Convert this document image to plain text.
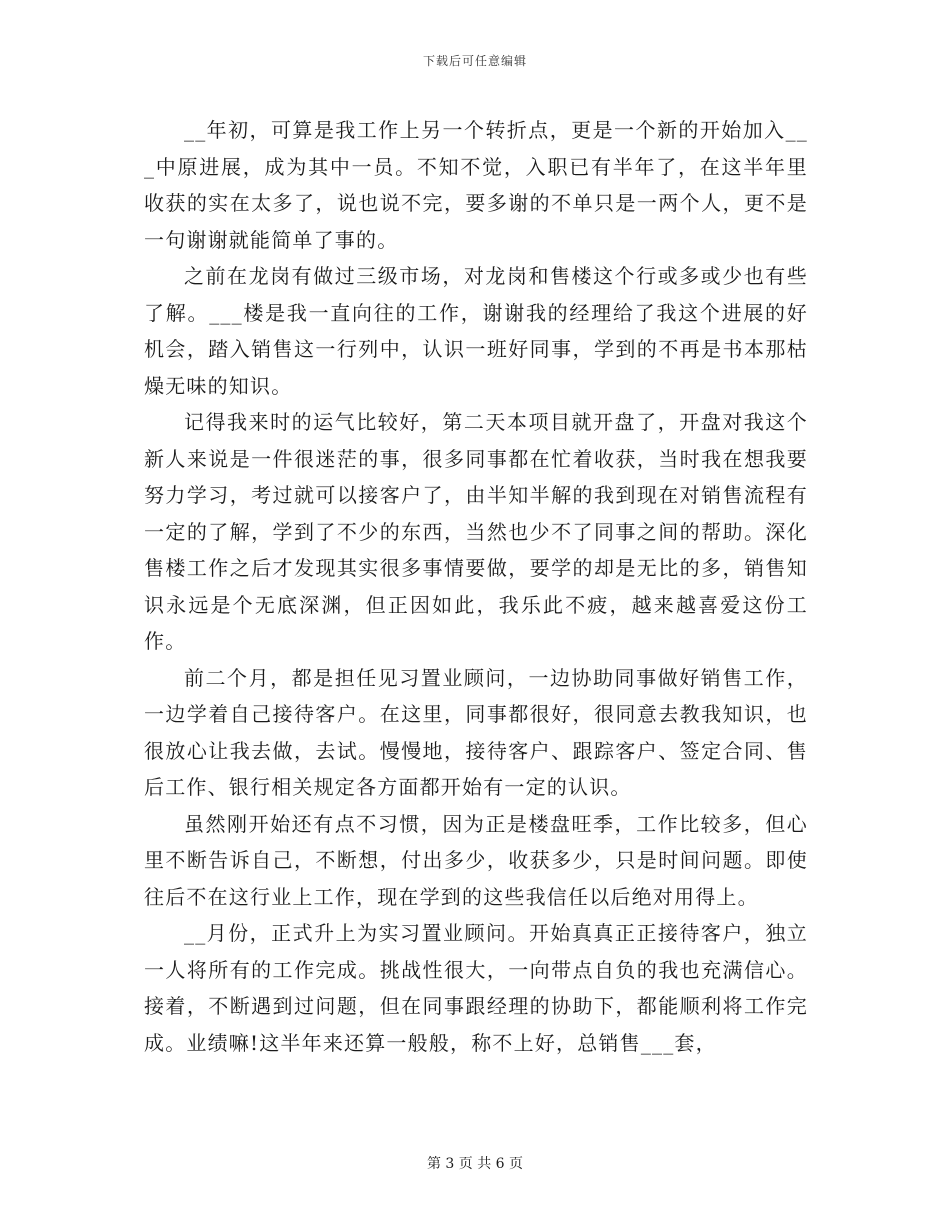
下载后可任意编辑

__年初，可算是我工作上另一个转折点，更是一个新的开始加入___中原进展，成为其中一员。不知不觉，入职已有半年了，在这半年里收获的实在太多了，说也说不完，要多谢的不单只是一两个人，更不是一句谢谢就能简单了事的。

之前在龙岗有做过三级市场，对龙岗和售楼这个行或多或少也有些了解。___楼是我一直向往的工作，谢谢我的经理给了我这个进展的好机会，踏入销售这一行列中，认识一班好同事，学到的不再是书本那枯燥无味的知识。

记得我来时的运气比较好，第二天本项目就开盘了，开盘对我这个新人来说是一件很迷茫的事，很多同事都在忙着收获，当时我在想我要努力学习，考过就可以接客户了，由半知半解的我到现在对销售流程有一定的了解，学到了不少的东西，当然也少不了同事之间的帮助。深化售楼工作之后才发现其实很多事情要做，要学的却是无比的多，销售知识永远是个无底深渊，但正因如此，我乐此不疲，越来越喜爱这份工作。

前二个月，都是担任见习置业顾问，一边协助同事做好销售工作，一边学着自己接待客户。在这里，同事都很好，很同意去教我知识，也很放心让我去做，去试。慢慢地，接待客户、跟踪客户、签定合同、售后工作、银行相关规定各方面都开始有一定的认识。

虽然刚开始还有点不习惯，因为正是楼盘旺季，工作比较多，但心里不断告诉自己，不断想，付出多少，收获多少，只是时间问题。即使往后不在这行业上工作，现在学到的这些我信任以后绝对用得上。

__月份，正式升上为实习置业顾问。开始真真正正接待客户，独立一人将所有的工作完成。挑战性很大，一向带点自负的我也充满信心。接着，不断遇到过问题，但在同事跟经理的协助下，都能顺利将工作完成。业绩嘛!这半年来还算一般般，称不上好，总销售___套，

第 3 页 共 6 页
